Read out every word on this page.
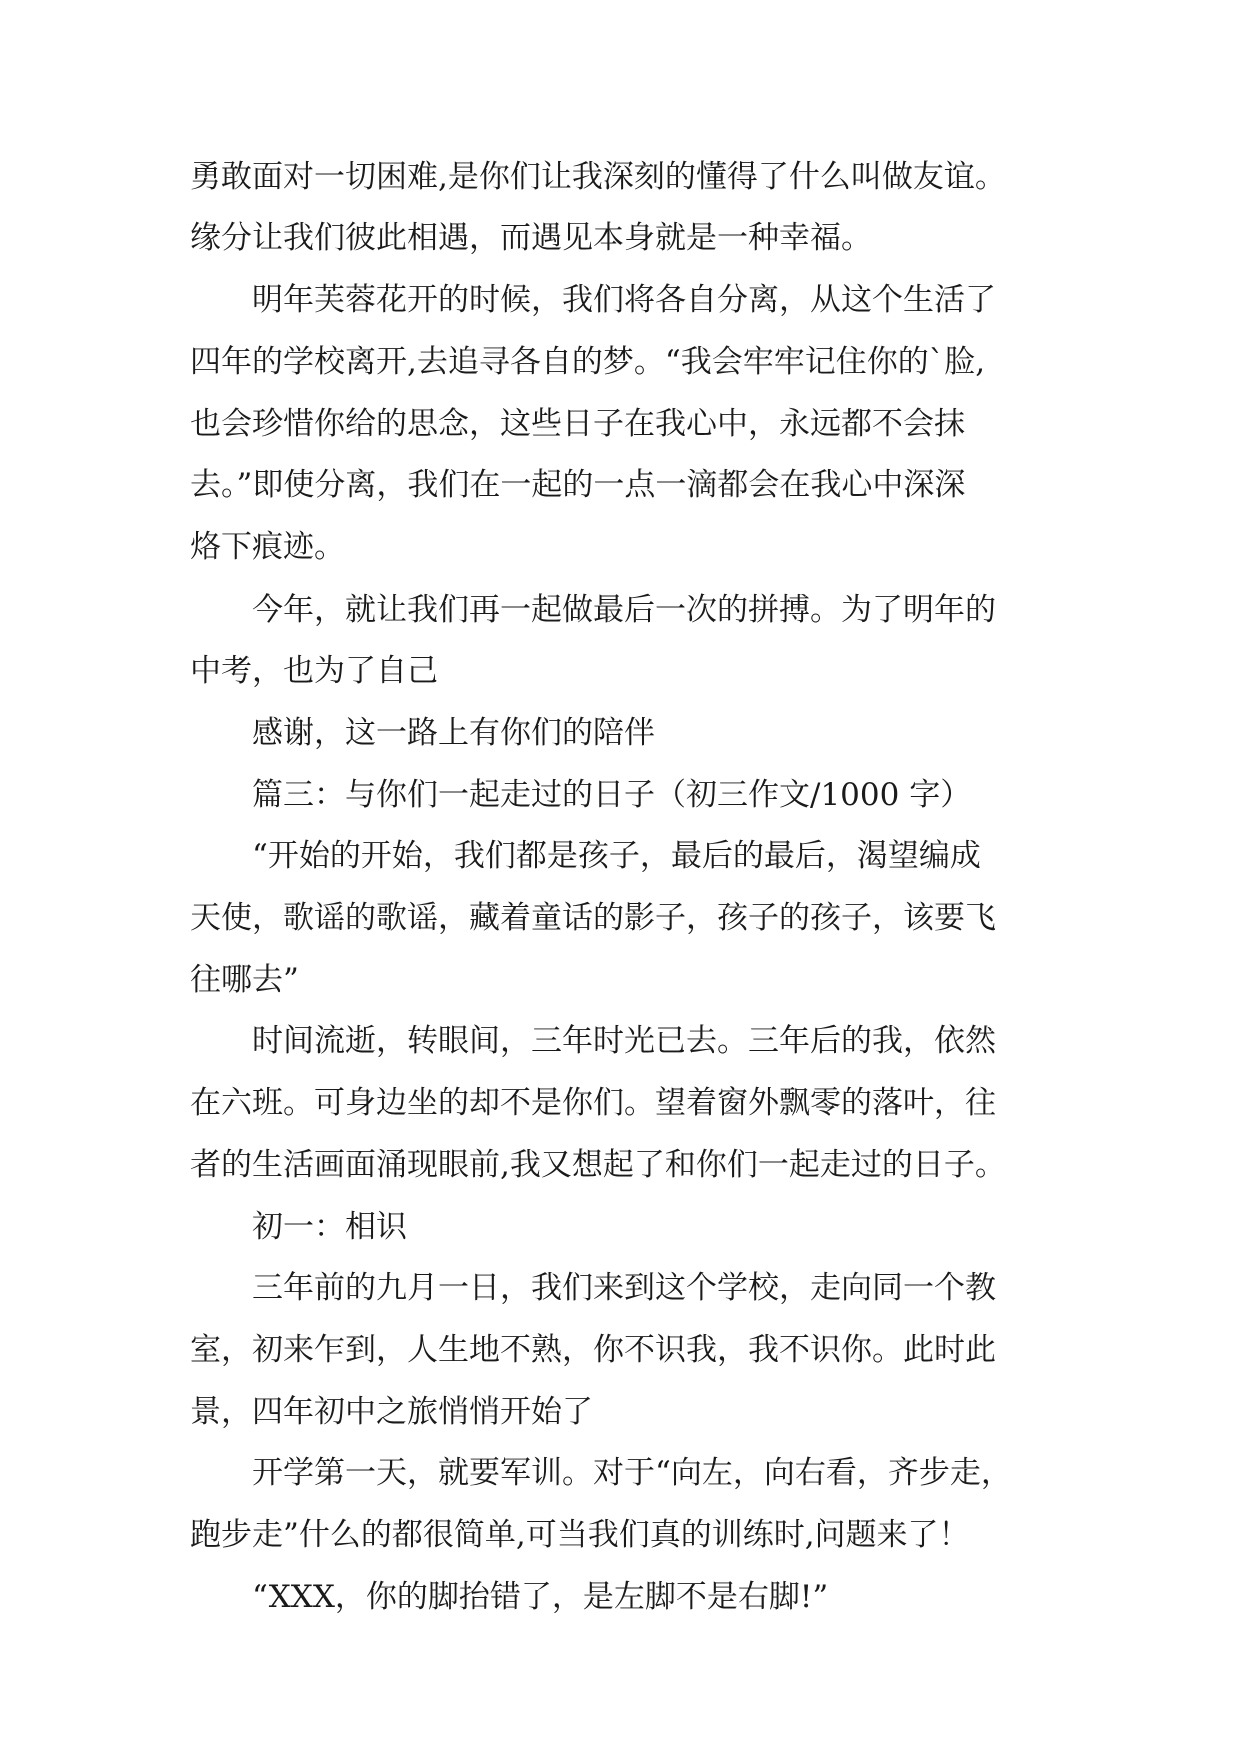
勇敢面对一切困难,是你们让我深刻的懂得了什么叫做友谊。
缘分让我们彼此相遇，而遇见本身就是一种幸福。
明年芙蓉花开的时候，我们将各自分离，从这个生活了
四年的学校离开,去追寻各自的梦。“我会牢牢记住你的`脸,
也会珍惜你给的思念，这些日子在我心中，永远都不会抹
去。”即使分离，我们在一起的一点一滴都会在我心中深深
烙下痕迹。
今年，就让我们再一起做最后一次的拼搏。为了明年的
中考，也为了自己
感谢，这一路上有你们的陪伴
篇三：与你们一起走过的日子（初三作文/1000 字）
“开始的开始，我们都是孩子，最后的最后，渴望编成
天使，歌谣的歌谣，藏着童话的影子，孩子的孩子，该要飞
往哪去”
时间流逝，转眼间，三年时光已去。三年后的我，依然
在六班。可身边坐的却不是你们。望着窗外飘零的落叶，往
者的生活画面涌现眼前,我又想起了和你们一起走过的日子。
初一：相识
三年前的九月一日，我们来到这个学校，走向同一个教
室，初来乍到，人生地不熟，你不识我，我不识你。此时此
景，四年初中之旅悄悄开始了
开学第一天，就要军训。对于“向左，向右看，齐步走，
跑步走”什么的都很简单,可当我们真的训练时,问题来了！
“XXX，你的脚抬错了，是左脚不是右脚!”
